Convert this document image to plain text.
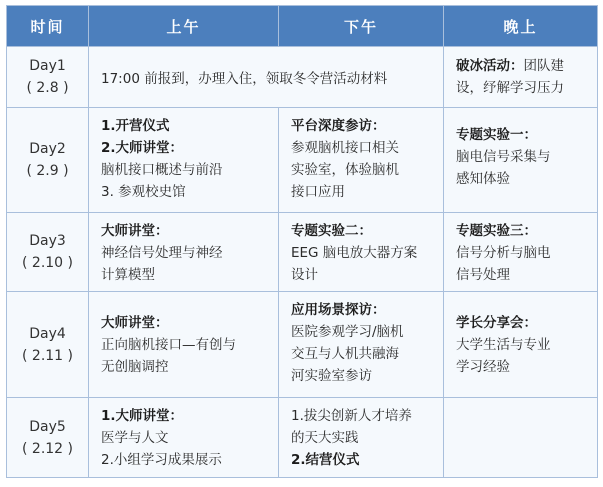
时间	上午	下午	晚上

Day1
( 2.8 )	17:00 前报到，办理入住，领取冬令营活动材料		破冰活动：团队建设，纾解学习压力

Day2
( 2.9 )	1.开营仪式
2.大师讲堂：
脑机接口概述与前沿
3. 参观校史馆	平台深度参访：
参观脑机接口相关
实验室，体验脑机
接口应用	专题实验一：
脑电信号采集与
感知体验

Day3
( 2.10 )	大师讲堂：
神经信号处理与神经
计算模型	专题实验二：
EEG 脑电放大器方案
设计	专题实验三：
信号分析与脑电
信号处理

Day4
( 2.11 )	大师讲堂：
正向脑机接口—有创与
无创脑调控	应用场景探访：
医院参观学习/脑机
交互与人机共融海
河实验室参访	学长分享会：
大学生活与专业
学习经验

Day5
( 2.12 )	1.大师讲堂：
医学与人文
2.小组学习成果展示	1.拔尖创新人才培养
的天大实践
2.结营仪式	
